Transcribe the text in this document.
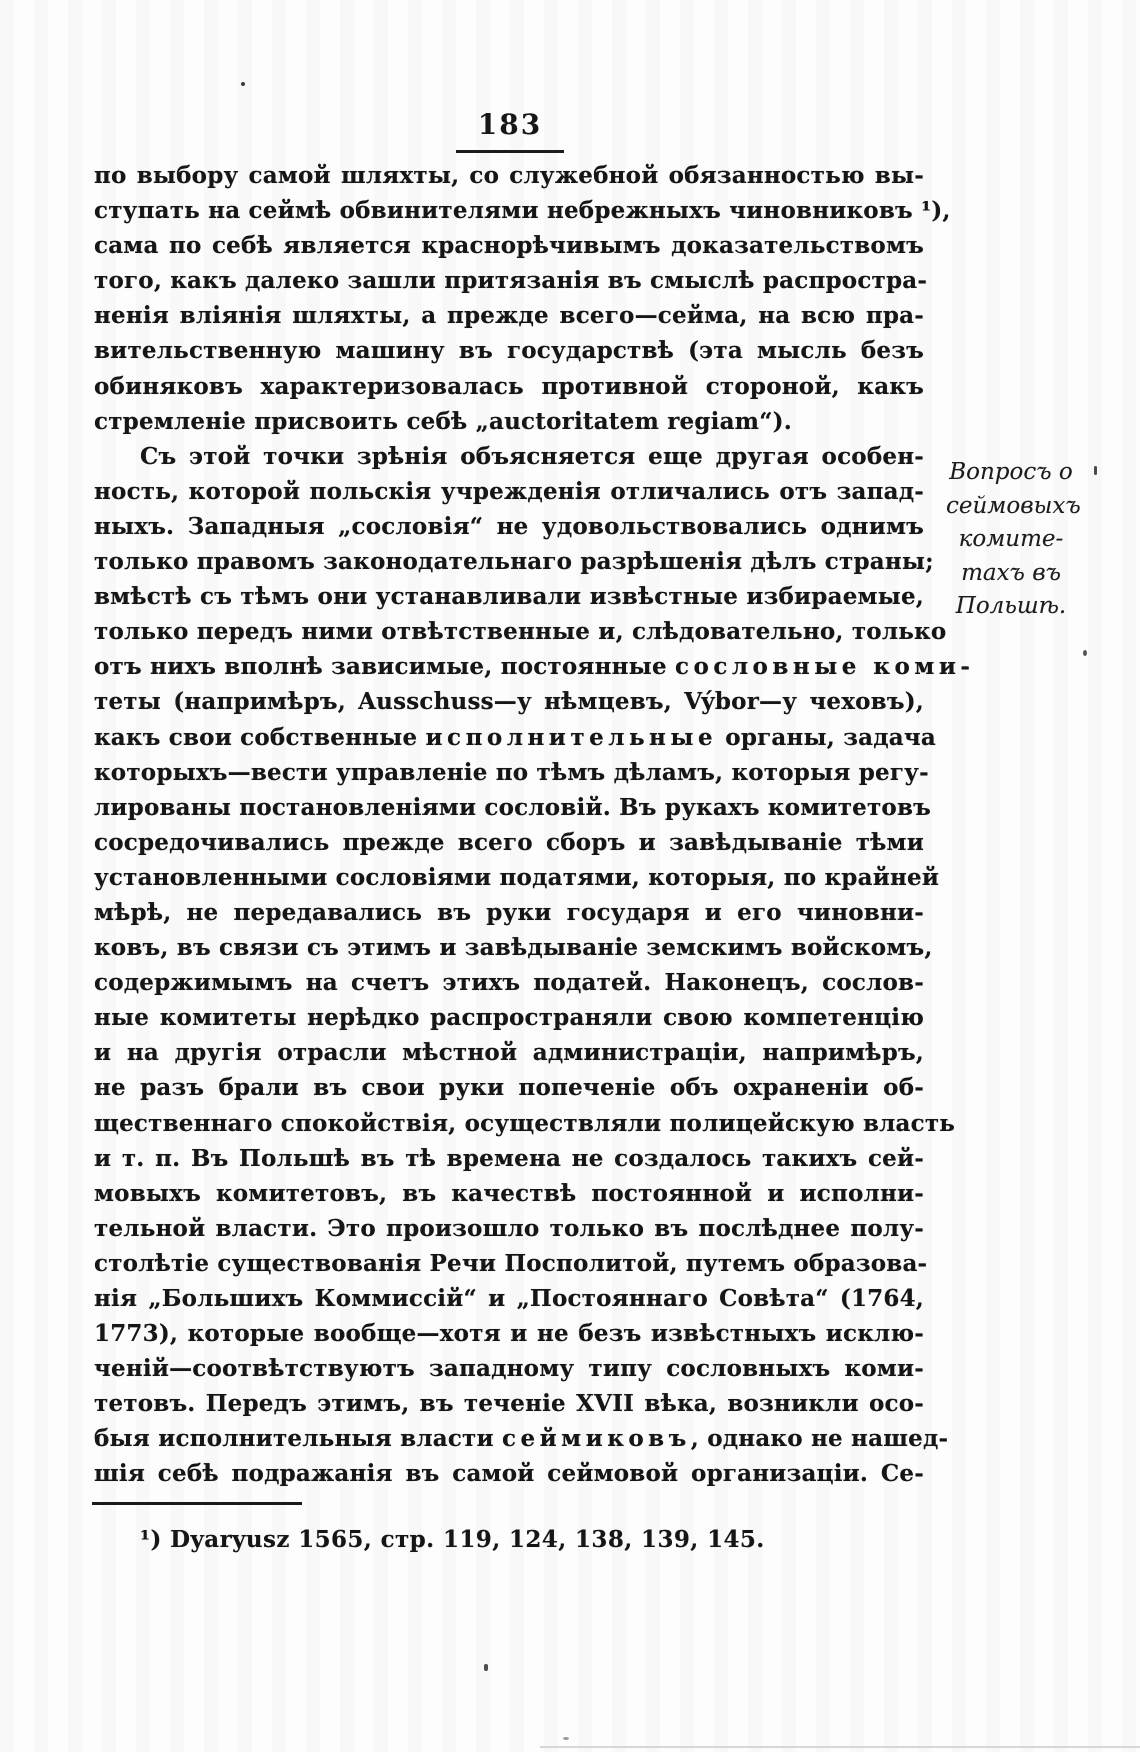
183
по выбору самой шляхты, со служебной обязанностью вы-
ступать на сеймѣ обвинителями небрежныхъ чиновниковъ ¹),
сама по себѣ является краснорѣчивымъ доказательствомъ
того, какъ далеко зашли притязанія въ смыслѣ распростра-
ненія вліянія шляхты, а прежде всего—сейма, на всю пра-
вительственную машину въ государствѣ (эта мысль безъ
обиняковъ характеризовалась противной стороной, какъ
стремленіе присвоить себѣ „auctoritatem regiam“).
Съ этой точки зрѣнія объясняется еще другая особен-
ность, которой польскія учрежденія отличались отъ запад-
ныхъ. Западныя „сословія“ не удовольствовались однимъ
только правомъ законодательнаго разрѣшенія дѣлъ страны;
вмѣстѣ съ тѣмъ они устанавливали извѣстные избираемые,
только передъ ними отвѣтственные и, слѣдовательно, только
отъ нихъ вполнѣ зависимые, постоянные сословные коми-
теты (напримѣръ, Ausschuss—у нѣмцевъ, Výbor—у чеховъ),
какъ свои собственные исполнительные органы, задача
которыхъ—вести управленіе по тѣмъ дѣламъ, которыя регу-
лированы постановленіями сословій. Въ рукахъ комитетовъ
сосредочивались прежде всего сборъ и завѣдываніе тѣми
установленными сословіями податями, которыя, по крайней
мѣрѣ, не передавались въ руки государя и его чиновни-
ковъ, въ связи съ этимъ и завѣдываніе земскимъ войскомъ,
содержимымъ на счетъ этихъ податей. Наконецъ, сослов-
ные комитеты нерѣдко распространяли свою компетенцію
и на другія отрасли мѣстной администраціи, напримѣръ,
не разъ брали въ свои руки попеченіе объ охраненіи об-
щественнаго спокойствія, осуществляли полицейскую власть
и т. п. Въ Польшѣ въ тѣ времена не создалось такихъ сей-
мовыхъ комитетовъ, въ качествѣ постоянной и исполни-
тельной власти. Это произошло только въ послѣднее полу-
столѣтіе существованія Речи Посполитой, путемъ образова-
нія „Большихъ Коммиссій“ и „Постояннаго Совѣта“ (1764,
1773), которые вообще—хотя и не безъ извѣстныхъ исклю-
ченій—соотвѣтствуютъ западному типу сословныхъ коми-
тетовъ. Передъ этимъ, въ теченіе XVII вѣка, возникли осо-
быя исполнительныя власти сеймиковъ, однако не нашед-
шія себѣ подражанія въ самой сеймовой организаціи. Се-
Вопросъ о
сеймовыхъ
комите-
тахъ въ
Польшѣ.
¹) Dyaryusz 1565, стр. 119, 124, 138, 139, 145.
